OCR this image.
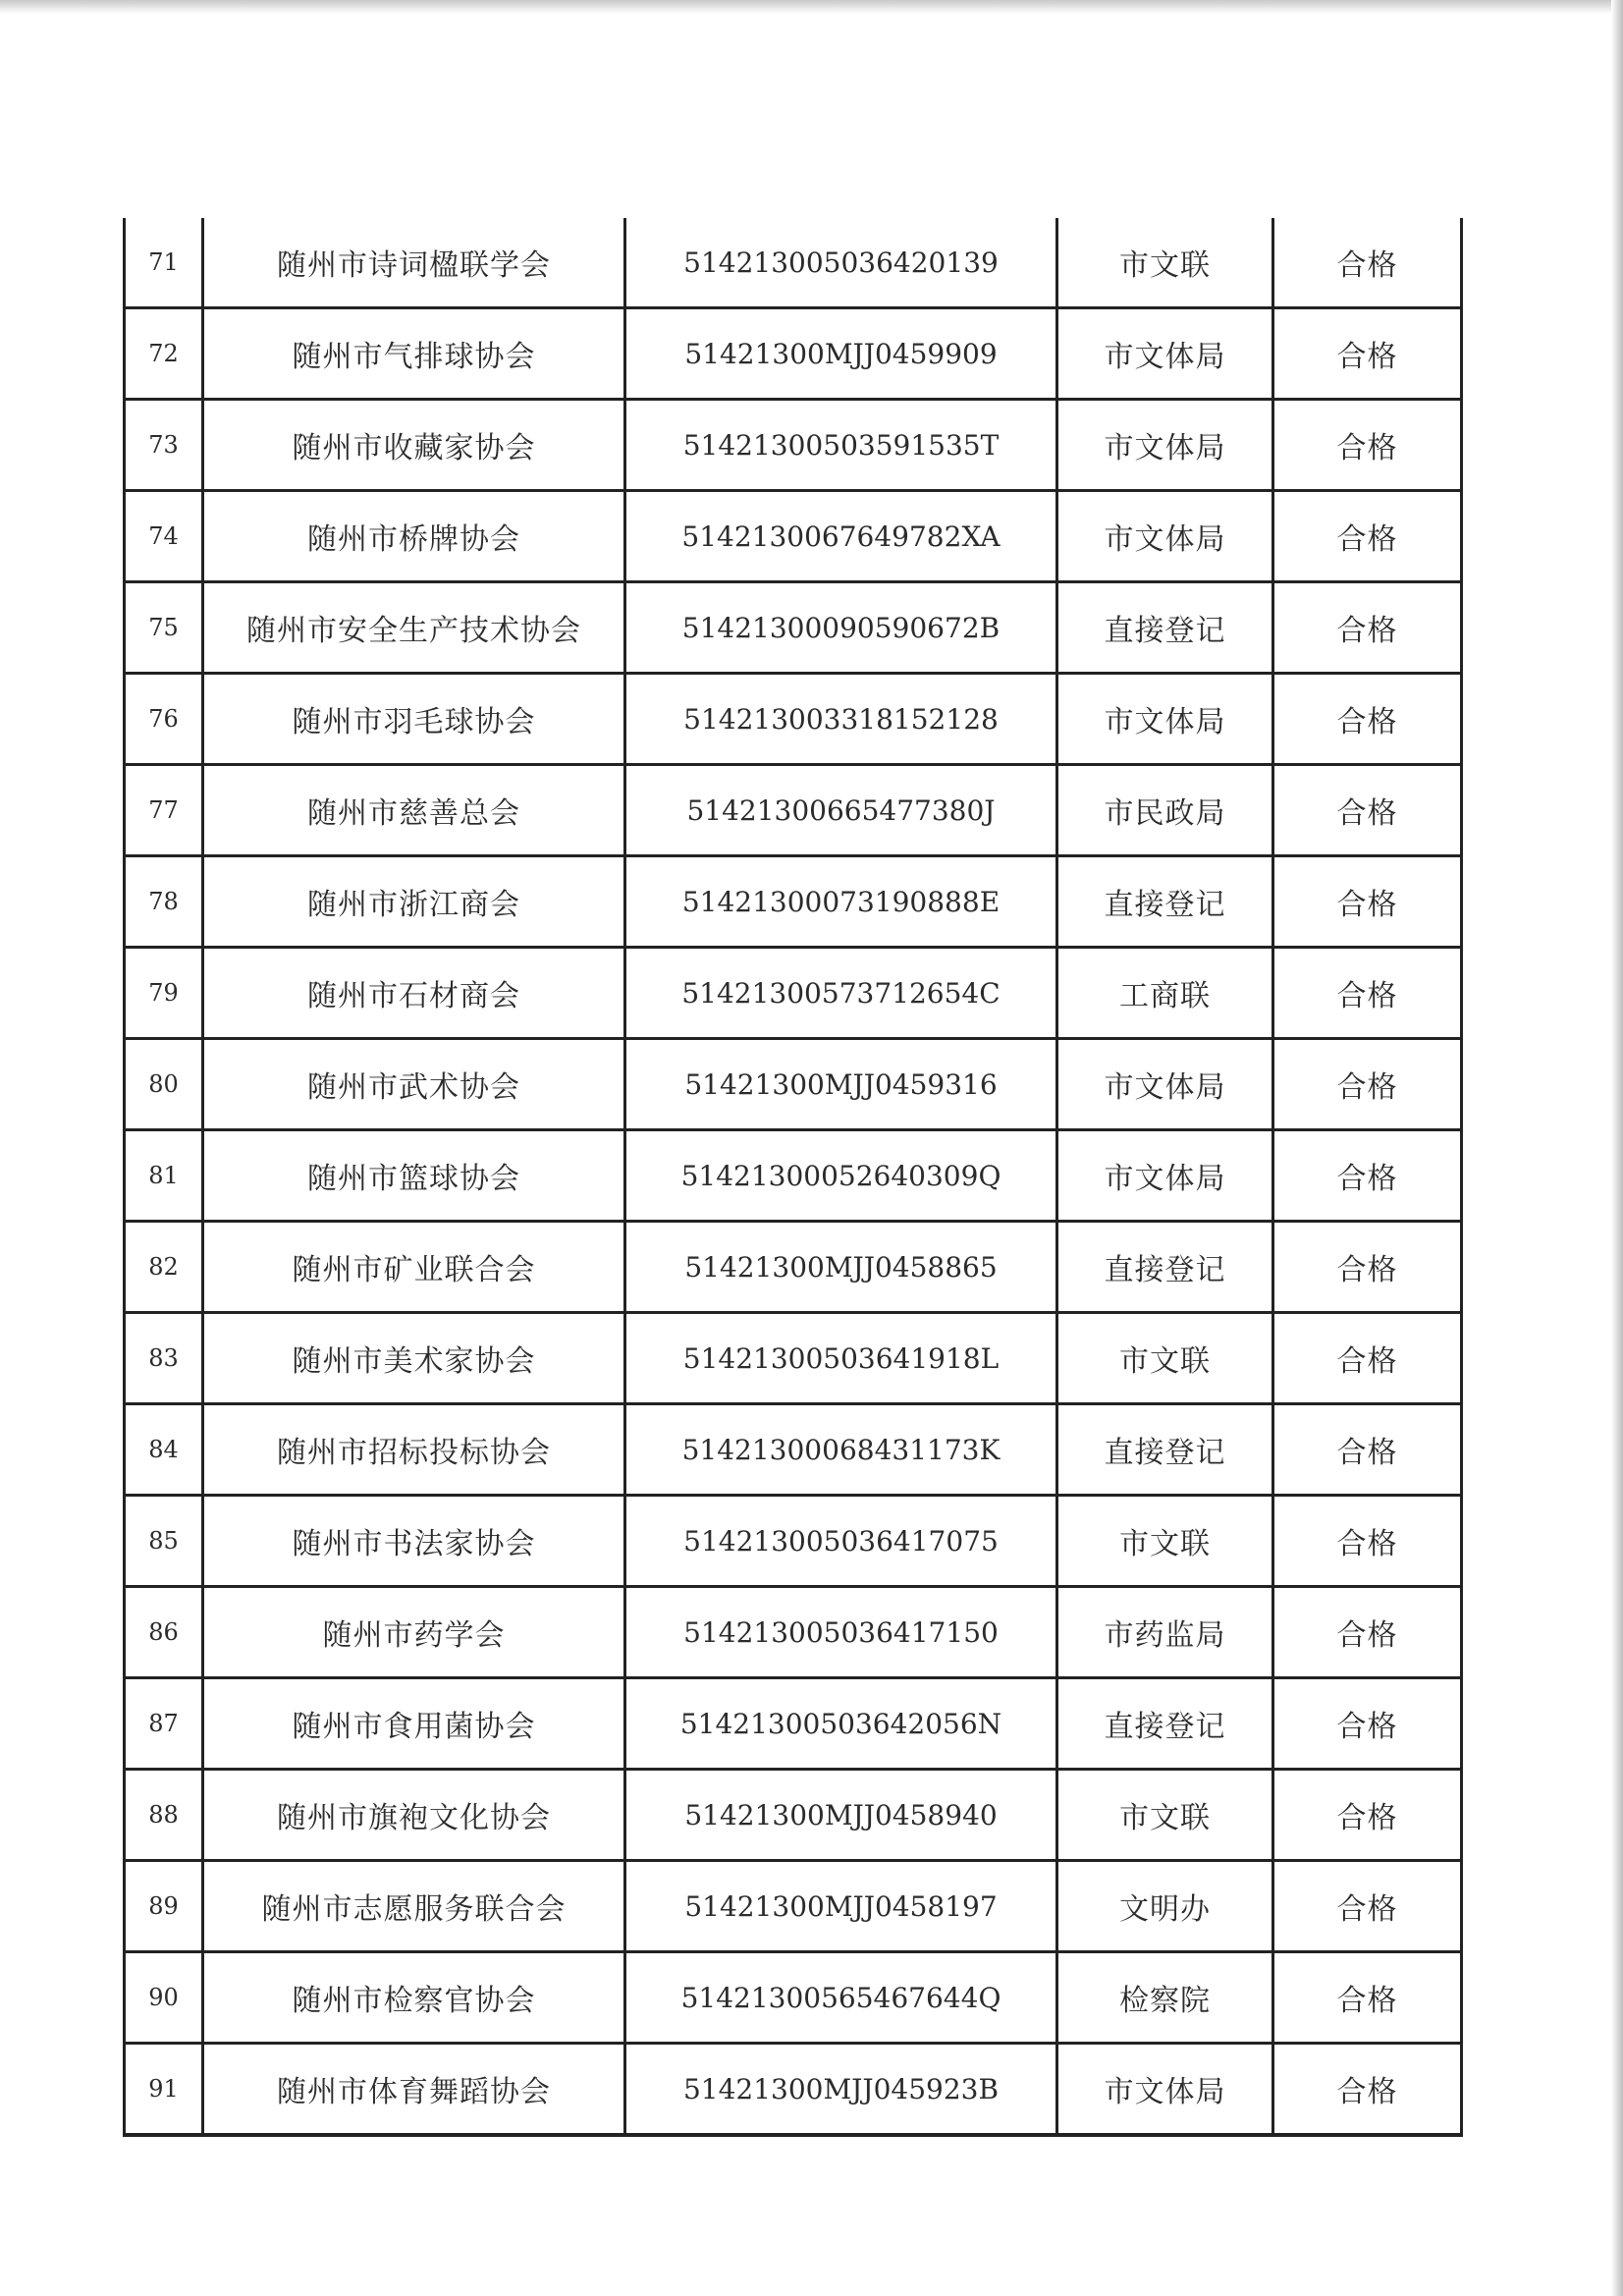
71	随州市诗词楹联学会	514213005036420139	市文联	合格
72	随州市气排球协会	51421300MJJ0459909	市文体局	合格
73	随州市收藏家协会	51421300503591535T	市文体局	合格
74	随州市桥牌协会	5142130067649782XA	市文体局	合格
75	随州市安全生产技术协会	51421300090590672B	直接登记	合格
76	随州市羽毛球协会	514213003318152128	市文体局	合格
77	随州市慈善总会	51421300665477380J	市民政局	合格
78	随州市浙江商会	51421300073190888E	直接登记	合格
79	随州市石材商会	51421300573712654C	工商联	合格
80	随州市武术协会	51421300MJJ0459316	市文体局	合格
81	随州市篮球协会	51421300052640309Q	市文体局	合格
82	随州市矿业联合会	51421300MJJ0458865	直接登记	合格
83	随州市美术家协会	51421300503641918L	市文联	合格
84	随州市招标投标协会	51421300068431173K	直接登记	合格
85	随州市书法家协会	514213005036417075	市文联	合格
86	随州市药学会	514213005036417150	市药监局	合格
87	随州市食用菌协会	51421300503642056N	直接登记	合格
88	随州市旗袍文化协会	51421300MJJ0458940	市文联	合格
89	随州市志愿服务联合会	51421300MJJ0458197	文明办	合格
90	随州市检察官协会	51421300565467644Q	检察院	合格
91	随州市体育舞蹈协会	51421300MJJ045923B	市文体局	合格
